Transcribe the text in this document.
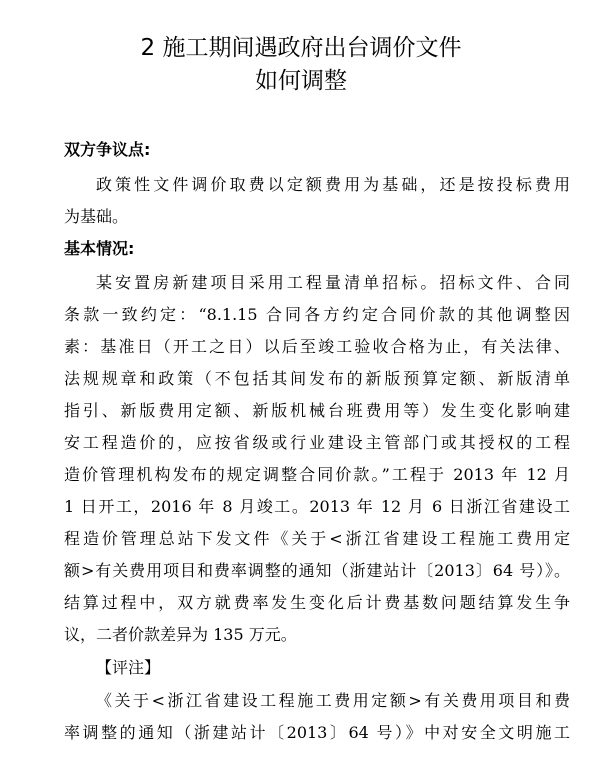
2 施工期间遇政府出台调价文件
如何调整
双方争议点:

政策性文件调价取费以定额费用为基础，还是按投标费用

为基础。

基本情况:

某安置房新建项目采用工程量清单招标。招标文件、合同

条款一致约定：“8.1.15 合同各方约定合同价款的其他调整因

素：基准日（开工之日）以后至竣工验收合格为止，有关法律、

法规规章和政策（不包括其间发布的新版预算定额、新版清单

指引、新版费用定额、新版机械台班费用等）发生变化影响建

安工程造价的，应按省级或行业建设主管部门或其授权的工程

造价管理机构发布的规定调整合同价款。”工程于 2013 年 12 月

1 日开工，2016 年 8 月竣工。2013 年 12 月 6 日浙江省建设工

程造价管理总站下发文件《关于<浙江省建设工程施工费用定

额>有关费用项目和费率调整的通知（浙建站计〔2013〕64 号）》。

结算过程中，双方就费率发生变化后计费基数问题结算发生争

议，二者价款差异为 135 万元。

【评注】

《关于<浙江省建设工程施工费用定额>有关费用项目和费

率调整的通知（浙建站计〔2013〕64 号）》中对安全文明施工
